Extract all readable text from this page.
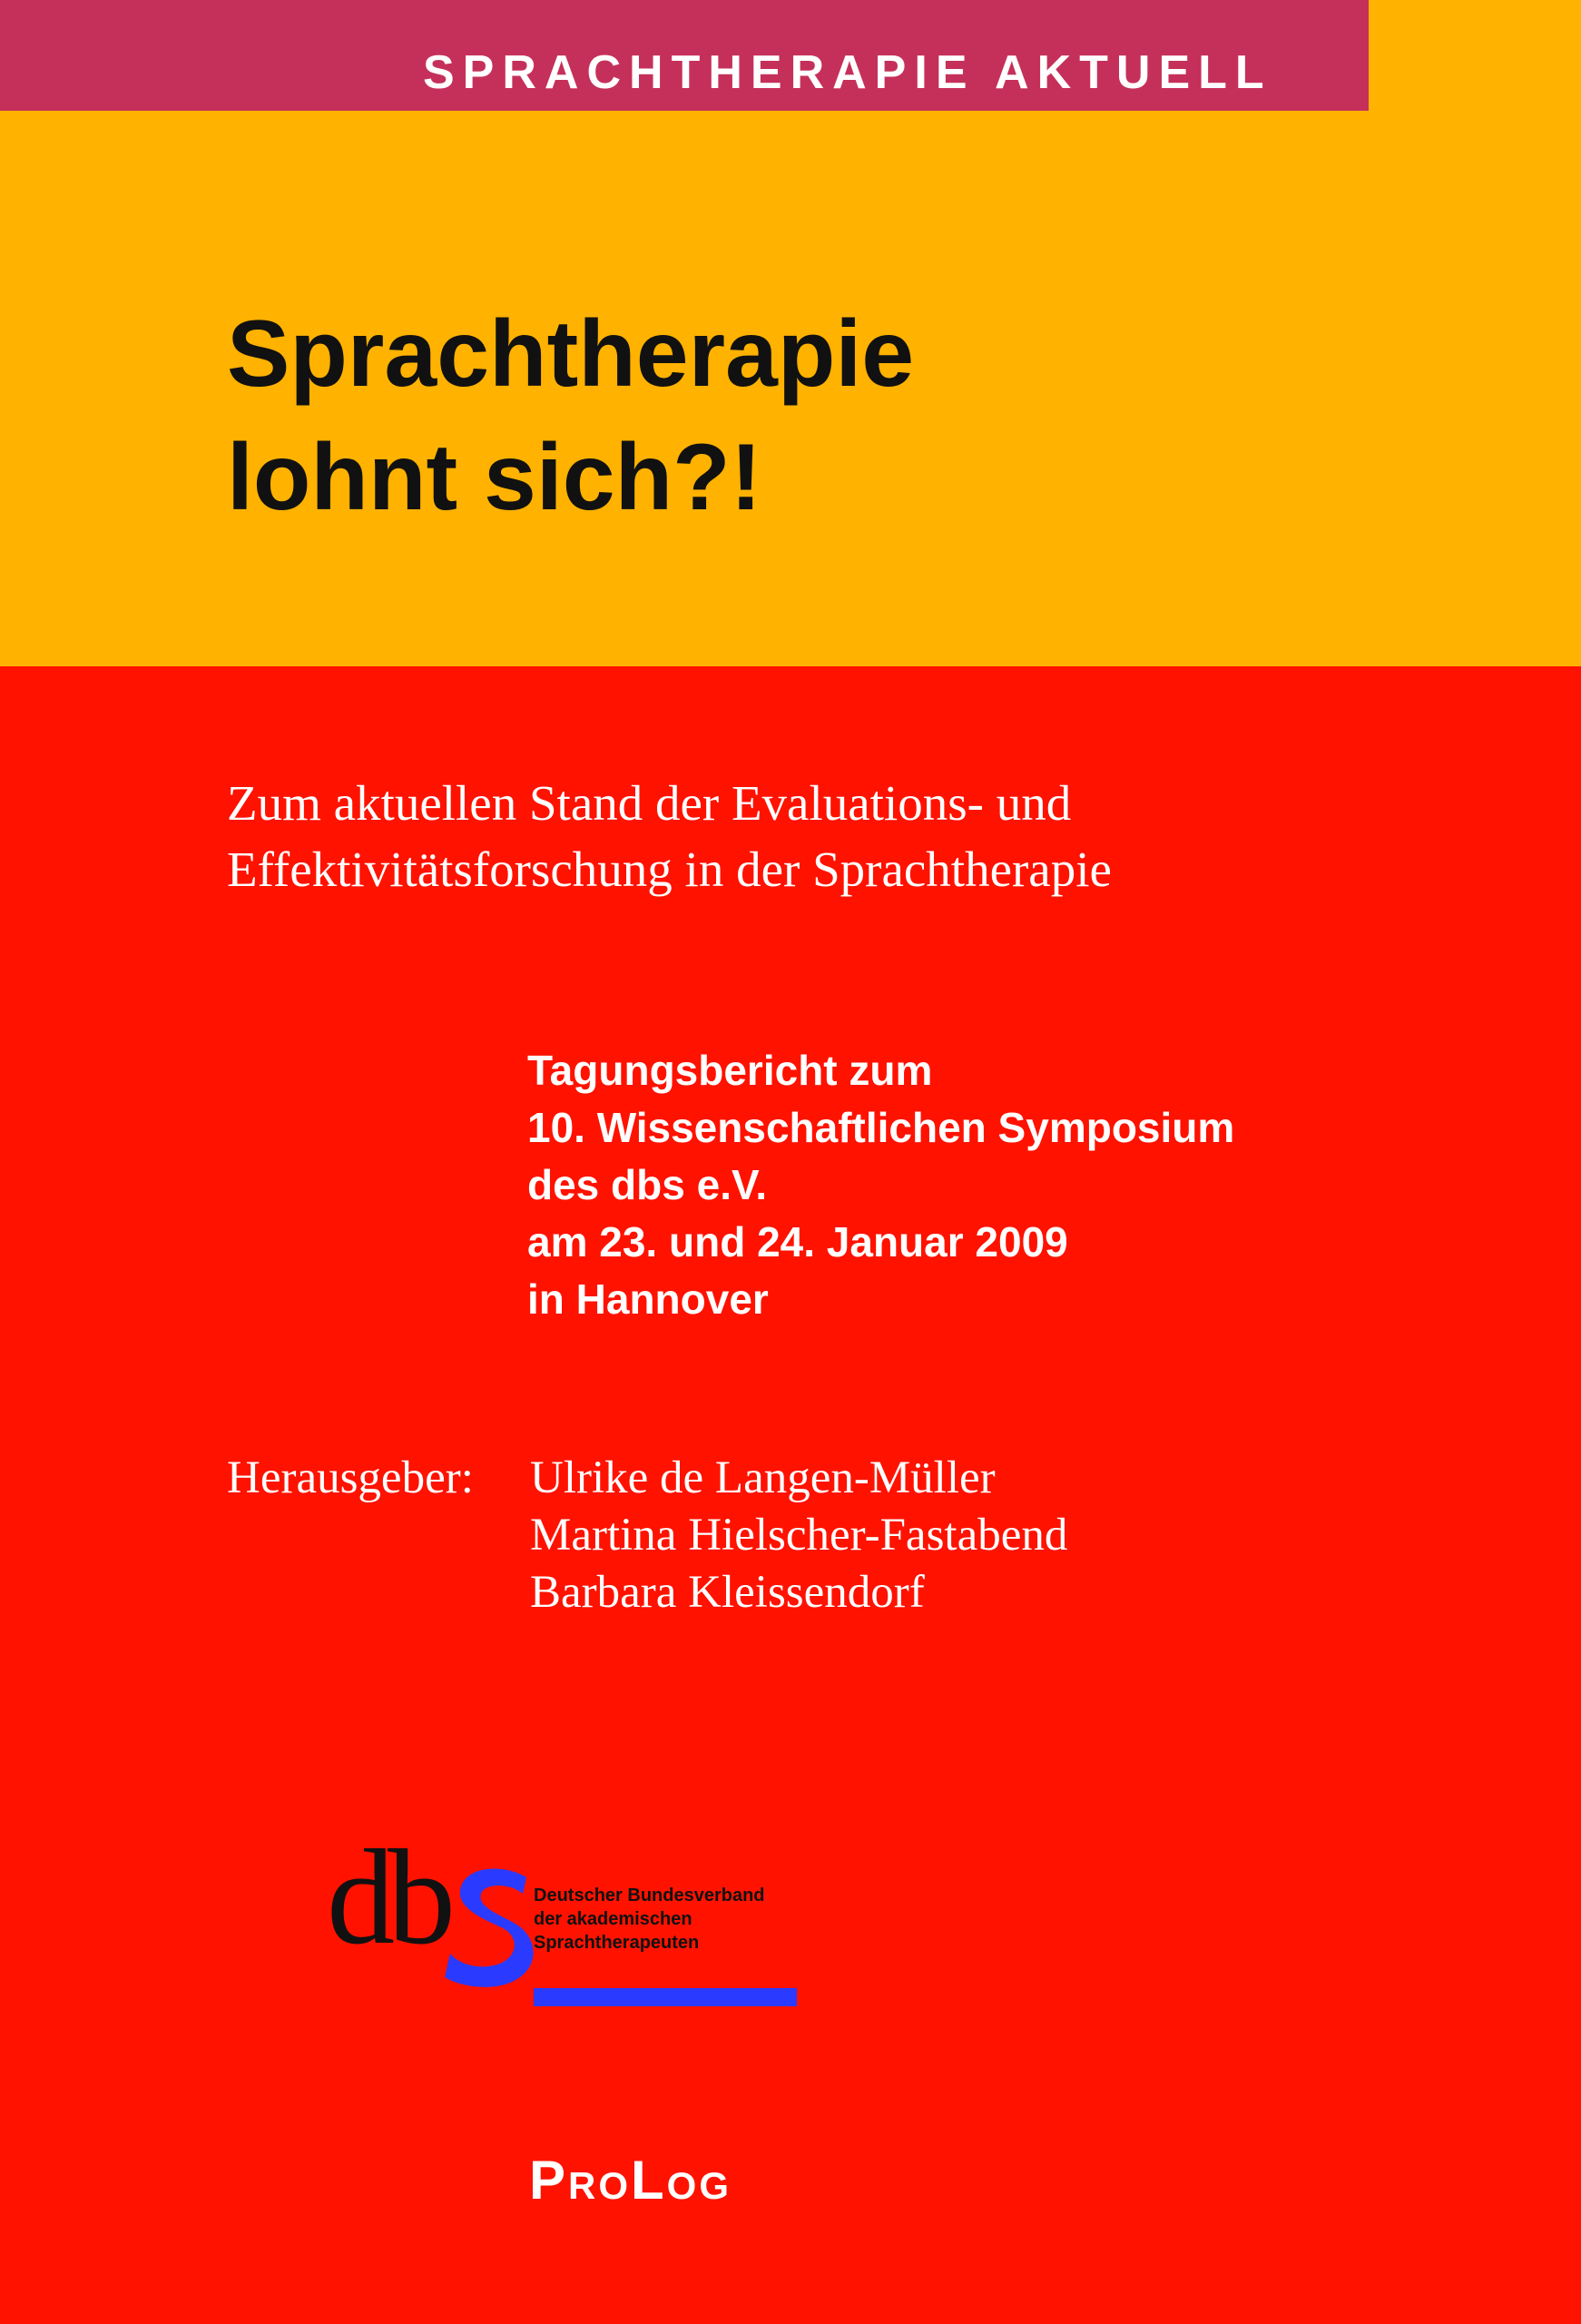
SPRACHTHERAPIE AKTUELL
Sprachtherapie
lohnt sich?!

Zum aktuellen Stand der Evaluations- und
Effektivitätsforschung in der Sprachtherapie

Tagungsbericht zum
10. Wissenschaftlichen Symposium
des dbs e.V.
am 23. und 24. Januar 2009
in Hannover
Herausgeber: Ulrike de Langen-Müller
Martina Hielscher-Fastabend
Barbara Kleissendorf
db	Deutscher Bundesverband
der akademischen
Sprachtherapeuten
ProLog
